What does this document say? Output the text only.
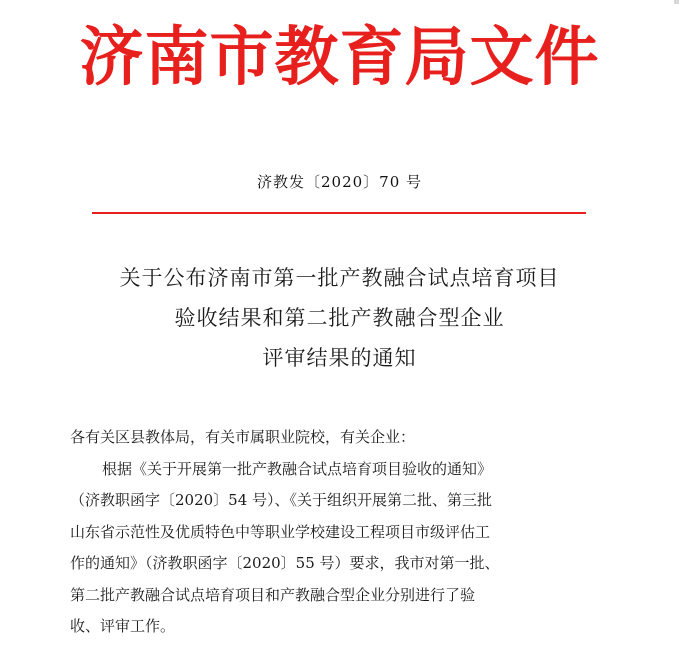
济南市教育局文件
济教发〔2020〕70 号
关于公布济南市第一批产教融合试点培育项目
验收结果和第二批产教融合型企业
评审结果的通知
各有关区县教体局，有关市属职业院校，有关企业：
根据《关于开展第一批产教融合试点培育项目验收的通知》
（济教职函字〔2020〕54 号）、《关于组织开展第二批、第三批
山东省示范性及优质特色中等职业学校建设工程项目市级评估工
作的通知》（济教职函字〔2020〕55 号）要求，我市对第一批、
第二批产教融合试点培育项目和产教融合型企业分别进行了验
收、评审工作。
